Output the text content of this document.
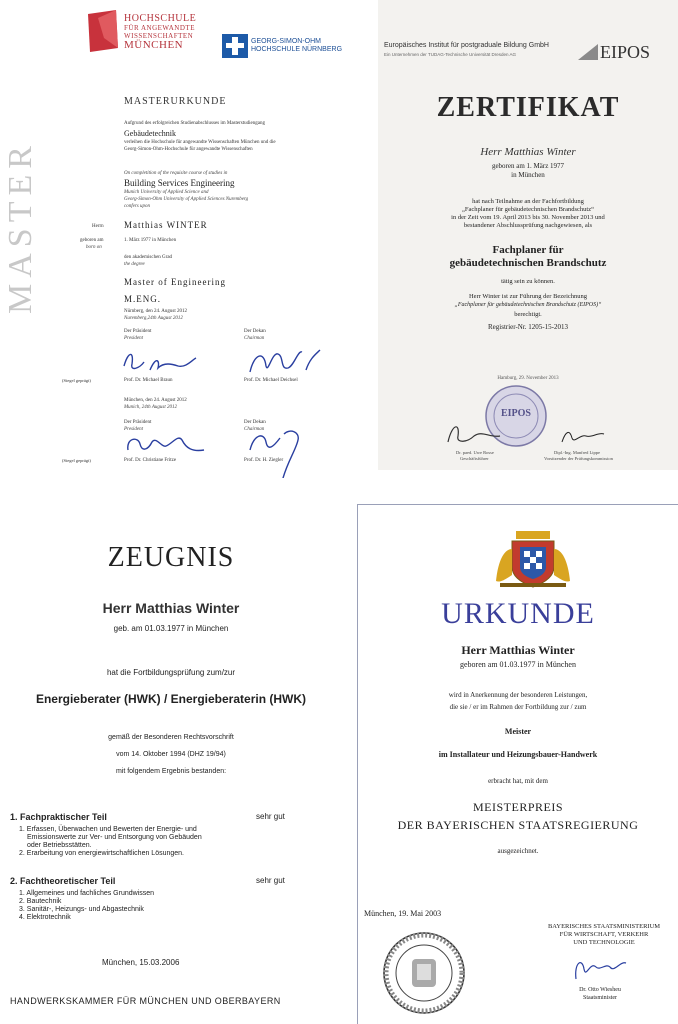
HOCHSCHULE
FÜR ANGEWANDTE
WISSENSCHAFTEN
MÜNCHEN	GEORG-SIMON-OHM
HOCHSCHULE NÜRNBERG
MASTER
MASTERURKUNDE
Aufgrund des erfolgreichen Studienabschlusses im Masterstudiengang
Gebäudetechnik
verleihen die Hochschule für angewandte Wissenschaften München und die
Georg-Simon-Ohm-Hochschule für angewandte Wissenschaften
On completition of the requisite course of studies in
Building Services Engineering
Munich University of Applied Science and
Georg-Simon-Ohm University of Applied Sciences Nuremberg
confers upon
Herrn Matthias WINTER
geboren am
born on
1. März 1977 in München
den akademischen Grad
the degree
Master of Engineering
M.ENG.
Nürnberg, den 24. August 2012
Nuremberg,24th August 2012
Der Präsident
President
Der Dekan
Chairman
(Siegel geprägt)	Prof. Dr. Michael Braun	Prof. Dr. Michael Deichsel
München, den 24. August 2012
Munich, 24th August 2012
Der Präsident
President
Der Dekan
Chairman
(Siegel geprägt)	Prof. Dr. Christiane Fritze	Prof. Dr. H. Ziegler
Europäisches Institut für postgraduale Bildung GmbH
Ein Unternehmen der TUDAG-Technische Universität Dresden AG	EIPOS
ZERTIFIKAT
Herr Matthias Winter
geboren am 1. März 1977
in München
hat nach Teilnahme an der Fachfortbildung
„Fachplaner für gebäudetechnischen Brandschutz“
in der Zeit vom 19. April 2013 bis 30. November 2013 und
bestandener Abschlussprüfung nachgewiesen, als
Fachplaner für
gebäudetechnischen Brandschutz
tätig sein zu können.
Herr Winter ist zur Führung der Bezeichnung
„Fachplaner für gebäudetechnischen Brandschutz (EIPOS)“
berechtigt.
Registrier-Nr. 1205-15-2013
Hamburg, 29. November 2013
EIPOS
Dr. paed. Uwe Rosse
Geschäftsführer
Dipl.-Ing. Manfred Lippe
Vorsitzender der Prüfungskommission
ZEUGNIS
Herr Matthias Winter
geb. am 01.03.1977 in München
hat die Fortbildungsprüfung zum/zur
Energieberater (HWK) / Energieberaterin (HWK)
gemäß der Besonderen Rechtsvorschrift
vom 14. Oktober 1994 (DHZ 19/94)
mit folgendem Ergebnis bestanden:
1. Fachpraktischer Teil	sehr gut
1. Erfassen, Überwachen und Bewerten der Energie- und
Emissionswerte zur Ver- und Entsorgung von Gebäuden
oder Betriebsstätten.
2. Erarbeitung von energiewirtschaftlichen Lösungen.
2. Fachtheoretischer Teil	sehr gut
1. Allgemeines und fachliches Grundwissen
2. Bautechnik
3. Sanitär-, Heizungs- und Abgastechnik
4. Elektrotechnik
München, 15.03.2006
HANDWERKSKAMMER FÜR MÜNCHEN UND OBERBAYERN
URKUNDE
Herr Matthias Winter
geboren am 01.03.1977 in München
wird in Anerkennung der besonderen Leistungen,
die sie / er im Rahmen der Fortbildung zur / zum
Meister
im Installateur und Heizungsbauer-Handwerk
erbracht hat, mit dem
MEISTERPREIS
DER BAYERISCHEN STAATSREGIERUNG
ausgezeichnet.
München, 19. Mai 2003
BAYERISCHES STAATSMINISTERIUM
FÜR WIRTSCHAFT, VERKEHR
UND TECHNOLOGIE
Dr. Otto Wiesheu
Staatsminister
